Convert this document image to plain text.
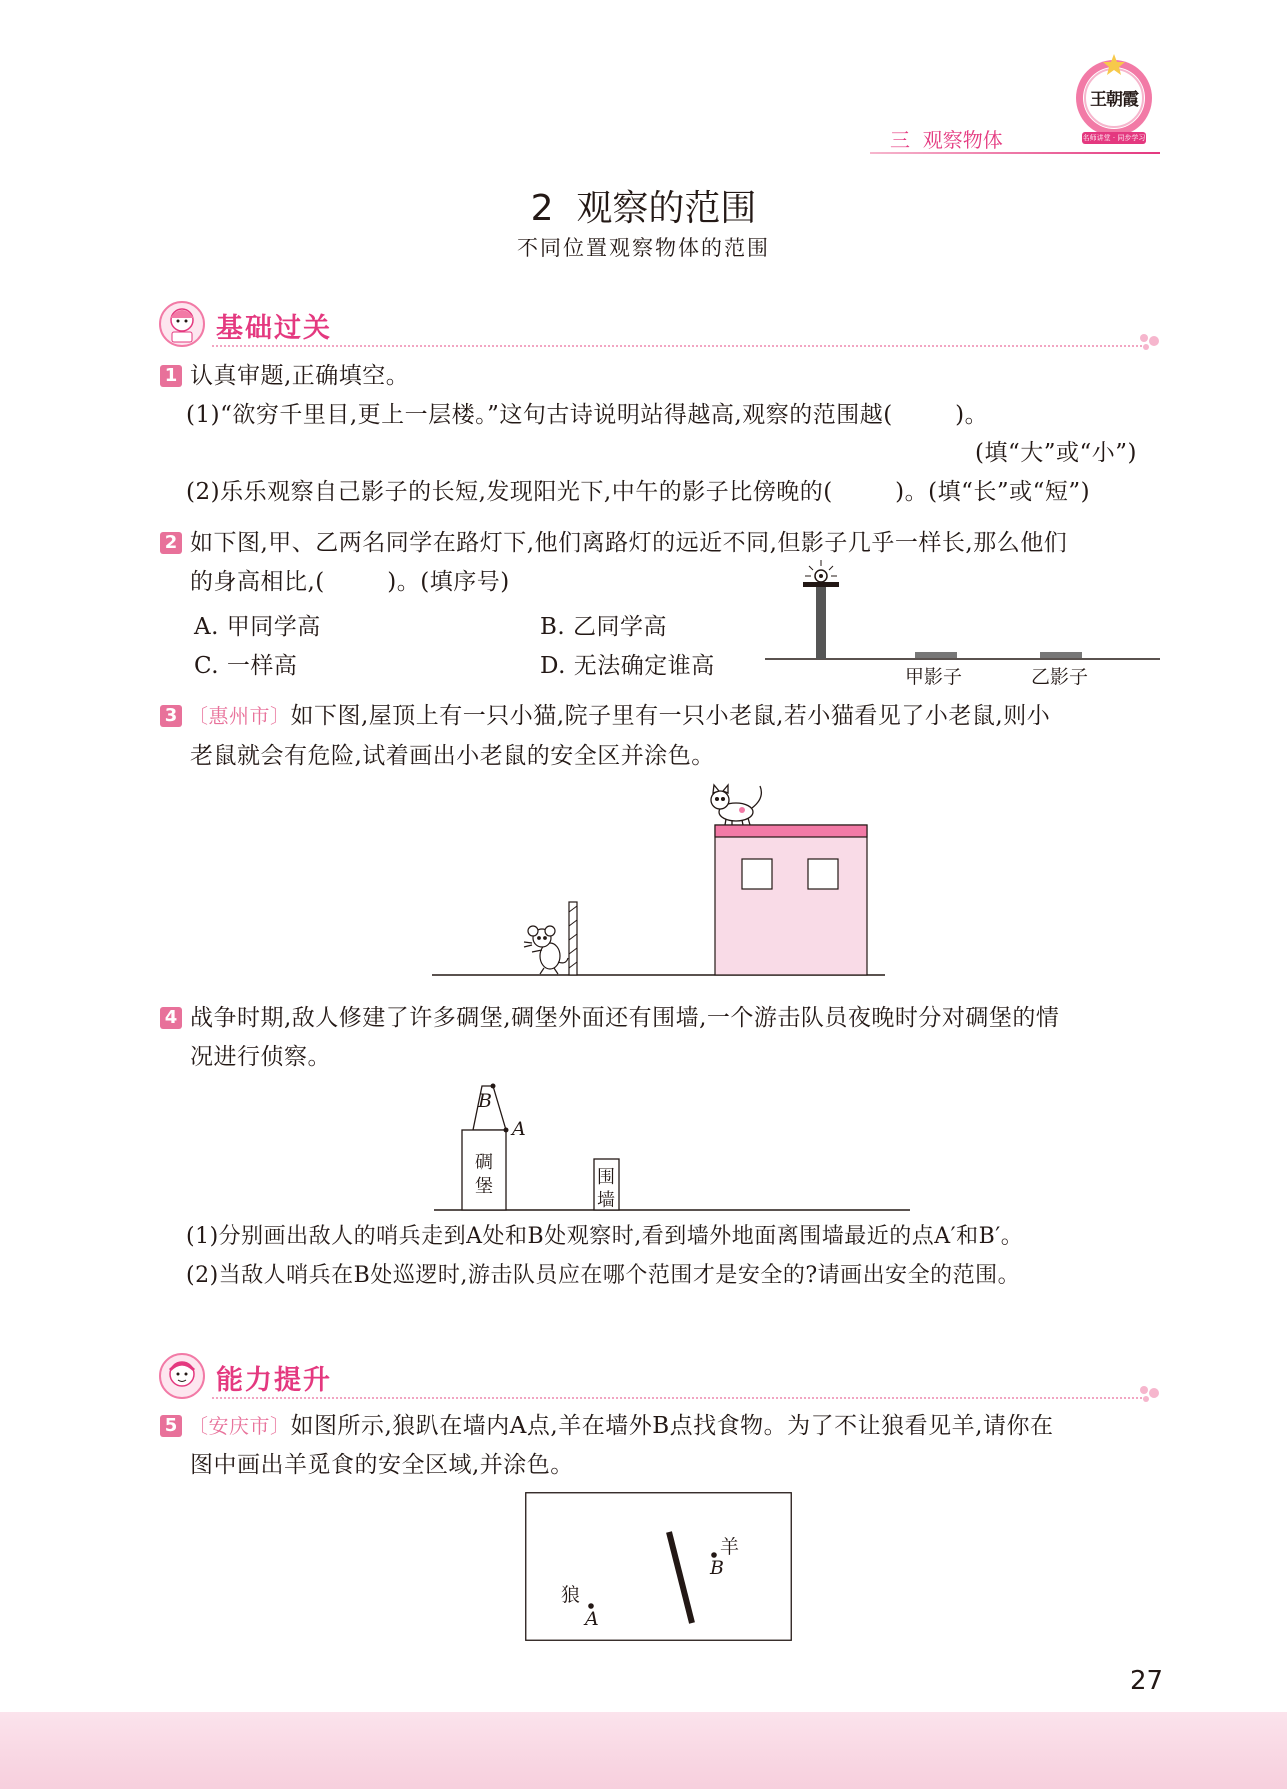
三  观察物体
王朝霞
名师讲堂 · 同步学习
2  观察的范围
不同位置观察物体的范围
基础过关
1 认真审题,正确填空。
(1)“欲穷千里目,更上一层楼。”这句古诗说明站得越高,观察的范围越(        )。
(填“大”或“小”)
(2)乐乐观察自己影子的长短,发现阳光下,中午的影子比傍晚的(        )。(填“长”或“短”)
2 如下图,甲、乙两名同学在路灯下,他们离路灯的远近不同,但影子几乎一样长,那么他们
的身高相比,(        )。(填序号)
A. 甲同学高	B. 乙同学高
C. 一样高	D. 无法确定谁高	甲影子	乙影子
3 〔惠州市〕如下图,屋顶上有一只小猫,院子里有一只小老鼠,若小猫看见了小老鼠,则小
老鼠就会有危险,试着画出小老鼠的安全区并涂色。
4 战争时期,敌人修建了许多碉堡,碉堡外面还有围墙,一个游击队员夜晚时分对碉堡的情
况进行侦察。
B
A
碉
堡	围
墙
(1)分别画出敌人的哨兵走到A处和B处观察时,看到墙外地面离围墙最近的点A′和B′。
(2)当敌人哨兵在B处巡逻时,游击队员应在哪个范围才是安全的?请画出安全的范围。
能力提升
5 〔安庆市〕如图所示,狼趴在墙内A点,羊在墙外B点找食物。为了不让狼看见羊,请你在
图中画出羊觅食的安全区域,并涂色。
狼
A
羊
B
27
